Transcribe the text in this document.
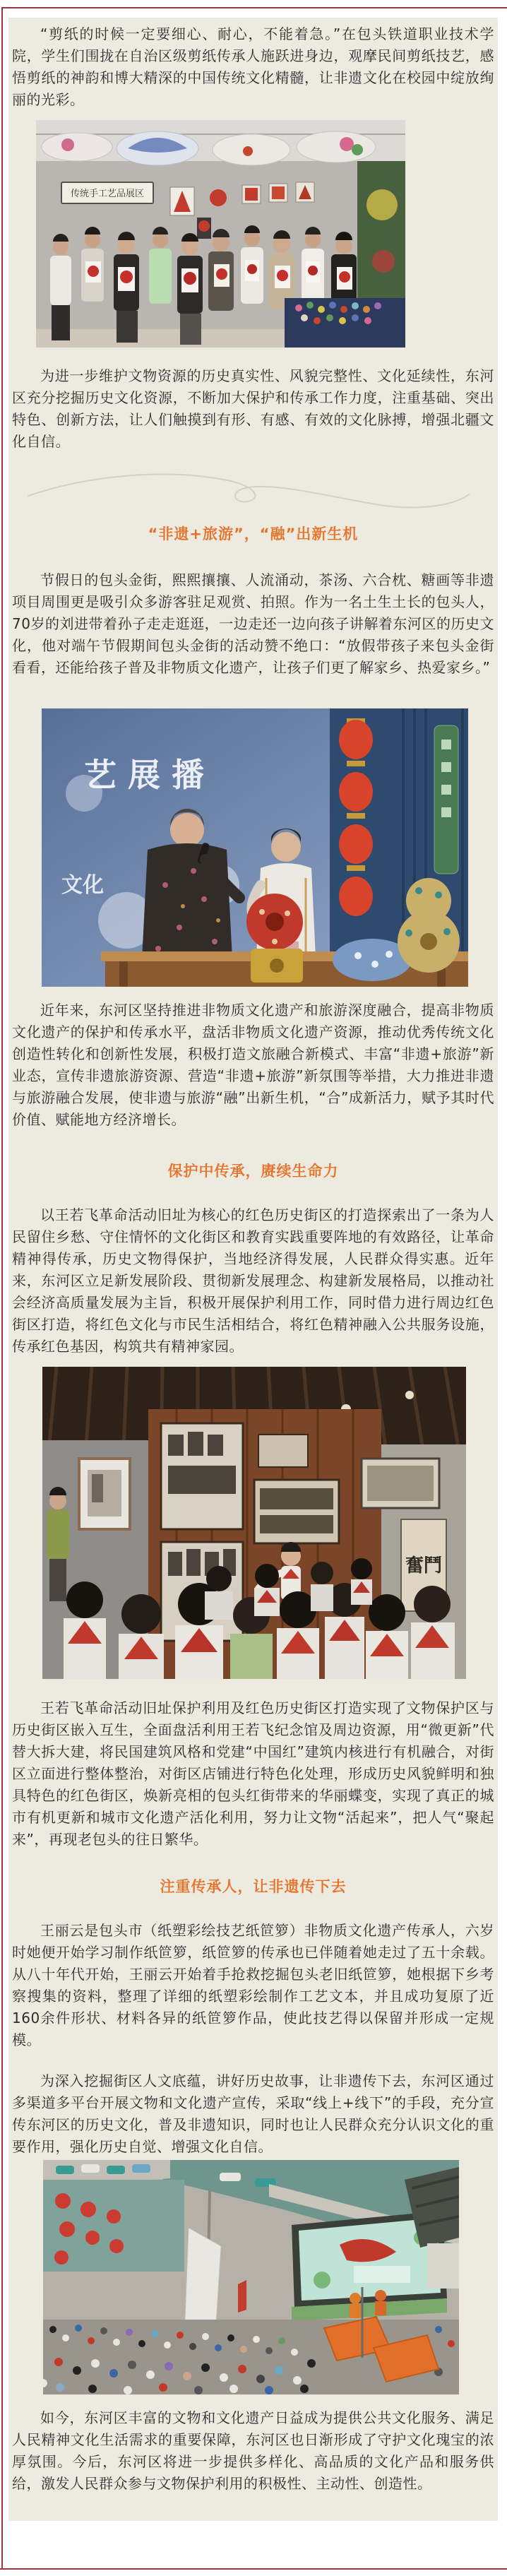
“剪纸的时候一定要细心、耐心，不能着急。”在包头铁道职业技术学院，学生们围拢在自治区级剪纸传承人施跃进身边，观摩民间剪纸技艺，感悟剪纸的神韵和博大精深的中国传统文化精髓，让非遗文化在校园中绽放绚丽的光彩。

传统手工艺品展区

为进一步维护文物资源的历史真实性、风貌完整性、文化延续性，东河区充分挖掘历史文化资源，不断加大保护和传承工作力度，注重基础、突出特色、创新方法，让人们触摸到有形、有感、有效的文化脉搏，增强北疆文化自信。

“非遗+旅游”，“融”出新生机

节假日的包头金街，熙熙攘攘、人流涌动，茶汤、六合枕、糖画等非遗项目周围更是吸引众多游客驻足观赏、拍照。作为一名土生土长的包头人，70岁的刘进带着孙子走走逛逛，一边走还一边向孩子讲解着东河区的历史文化，他对端午节假期间包头金街的活动赞不绝口：“放假带孩子来包头金街看看，还能给孩子普及非物质文化遗产，让孩子们更了解家乡、热爱家乡。”

艺 展 播
文化

近年来，东河区坚持推进非物质文化遗产和旅游深度融合，提高非物质文化遗产的保护和传承水平，盘活非物质文化遗产资源，推动优秀传统文化创造性转化和创新性发展，积极打造文旅融合新模式、丰富“非遗+旅游”新业态，宣传非遗旅游资源、营造“非遗+旅游”新氛围等举措，大力推进非遗与旅游融合发展，使非遗与旅游“融”出新生机，“合”成新活力，赋予其时代价值、赋能地方经济增长。

保护中传承，赓续生命力

以王若飞革命活动旧址为核心的红色历史街区的打造探索出了一条为人民留住乡愁、守住情怀的文化街区和教育实践重要阵地的有效路径，让革命精神得传承，历史文物得保护，当地经济得发展，人民群众得实惠。近年来，东河区立足新发展阶段、贯彻新发展理念、构建新发展格局，以推动社会经济高质量发展为主旨，积极开展保护利用工作，同时借力进行周边红色街区打造，将红色文化与市民生活相结合，将红色精神融入公共服务设施，传承红色基因，构筑共有精神家园。

奮鬥

王若飞革命活动旧址保护利用及红色历史街区打造实现了文物保护区与历史街区嵌入互生，全面盘活利用王若飞纪念馆及周边资源，用“微更新”代替大拆大建，将民国建筑风格和党建“中国红”建筑内核进行有机融合，对街区立面进行整体整治，对街区店铺进行特色化处理，形成历史风貌鲜明和独具特色的红色街区，焕新亮相的包头红街带来的华丽蝶变，实现了真正的城市有机更新和城市文化遗产活化利用，努力让文物“活起来”，把人气“聚起来”，再现老包头的往日繁华。

注重传承人，让非遗传下去

王丽云是包头市（纸塑彩绘技艺纸笸箩）非物质文化遗产传承人，六岁时她便开始学习制作纸笸箩，纸笸箩的传承也已伴随着她走过了五十余载。从八十年代开始，王丽云开始着手抢救挖掘包头老旧纸笸箩，她根据下乡考察搜集的资料，整理了详细的纸塑彩绘制作工艺文本，并且成功复原了近160余件形状、材料各异的纸笸箩作品，使此技艺得以保留并形成一定规模。

为深入挖掘街区人文底蕴，讲好历史故事，让非遗传下去，东河区通过多渠道多平台开展文物和文化遗产宣传，采取“线上+线下”的手段，充分宣传东河区的历史文化，普及非遗知识，同时也让人民群众充分认识文化的重要作用，强化历史自觉、增强文化自信。

如今，东河区丰富的文物和文化遗产日益成为提供公共文化服务、满足人民精神文化生活需求的重要保障，东河区也日渐形成了守护文化瑰宝的浓厚氛围。今后，东河区将进一步提供多样化、高品质的文化产品和服务供给，激发人民群众参与文物保护利用的积极性、主动性、创造性。
